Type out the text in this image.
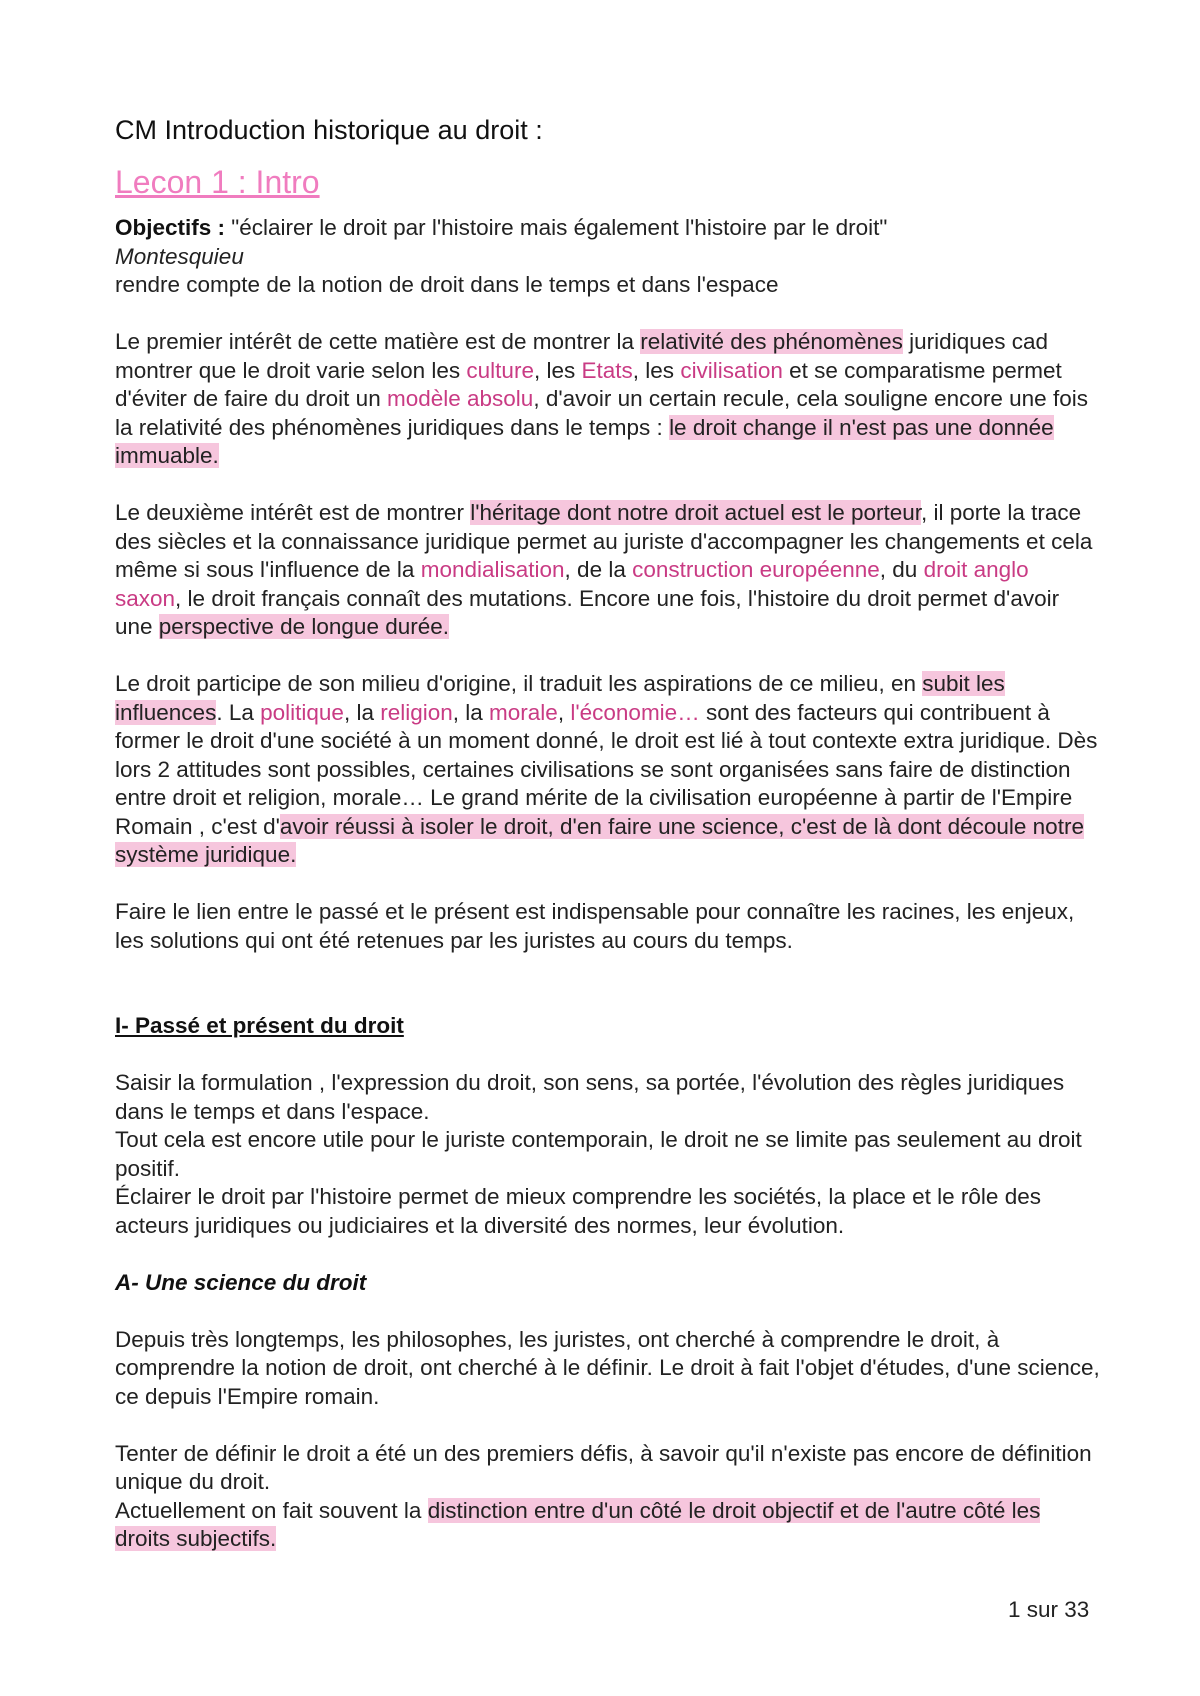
CM Introduction historique au droit :
Lecon 1 : Intro
Objectifs : "éclairer le droit par l'histoire mais également l'histoire par le droit"
Montesquieu
rendre compte de la notion de droit dans le temps et dans l'espace
Le premier intérêt de cette matière est de montrer la relativité des phénomènes juridiques cad montrer que le droit varie selon les culture, les Etats, les civilisation et se comparatisme permet d'éviter de faire du droit un modèle absolu, d'avoir un certain recule, cela souligne encore une fois la relativité des phénomènes juridiques dans le temps : le droit change il n'est pas une donnée immuable.
Le deuxième intérêt est de montrer l'héritage dont notre droit actuel est le porteur, il porte la trace des siècles et la connaissance juridique permet au juriste d'accompagner les changements et cela même si sous l'influence de la mondialisation, de la construction européenne, du droit anglo saxon, le droit français connaît des mutations. Encore une fois, l'histoire du droit permet d'avoir une perspective de longue durée.
Le droit participe de son milieu d'origine, il traduit les aspirations de ce milieu, en subit les influences. La politique, la religion, la morale, l'économie… sont des facteurs qui contribuent à former le droit d'une société à un moment donné, le droit est lié à tout contexte extra juridique. Dès lors 2 attitudes sont possibles, certaines civilisations se sont organisées sans faire de distinction entre droit et religion, morale… Le grand mérite de la civilisation européenne à partir de l'Empire Romain , c'est d'avoir réussi à isoler le droit, d'en faire une science, c'est de là dont découle notre système juridique.
Faire le lien entre le passé et le présent est indispensable pour connaître les racines, les enjeux, les solutions qui ont été retenues par les juristes au cours du temps.
I- Passé et présent du droit
Saisir la formulation , l'expression du droit, son sens, sa portée, l'évolution des règles juridiques dans le temps et dans l'espace.
Tout cela est encore utile pour le juriste contemporain, le droit ne se limite pas seulement au droit positif.
Éclairer le droit par l'histoire permet de mieux comprendre les sociétés, la place et le rôle des acteurs juridiques ou judiciaires et la diversité des normes, leur évolution.
A- Une science du droit
Depuis très longtemps, les philosophes, les juristes, ont cherché à comprendre le droit, à comprendre la notion de droit, ont cherché à le définir. Le droit à fait l'objet d'études, d'une science, ce depuis l'Empire romain.
Tenter de définir le droit a été un des premiers défis, à savoir qu'il n'existe pas encore de définition unique du droit.
Actuellement on fait souvent la distinction entre d'un côté le droit objectif et de l'autre côté les droits subjectifs.
1 sur 33
